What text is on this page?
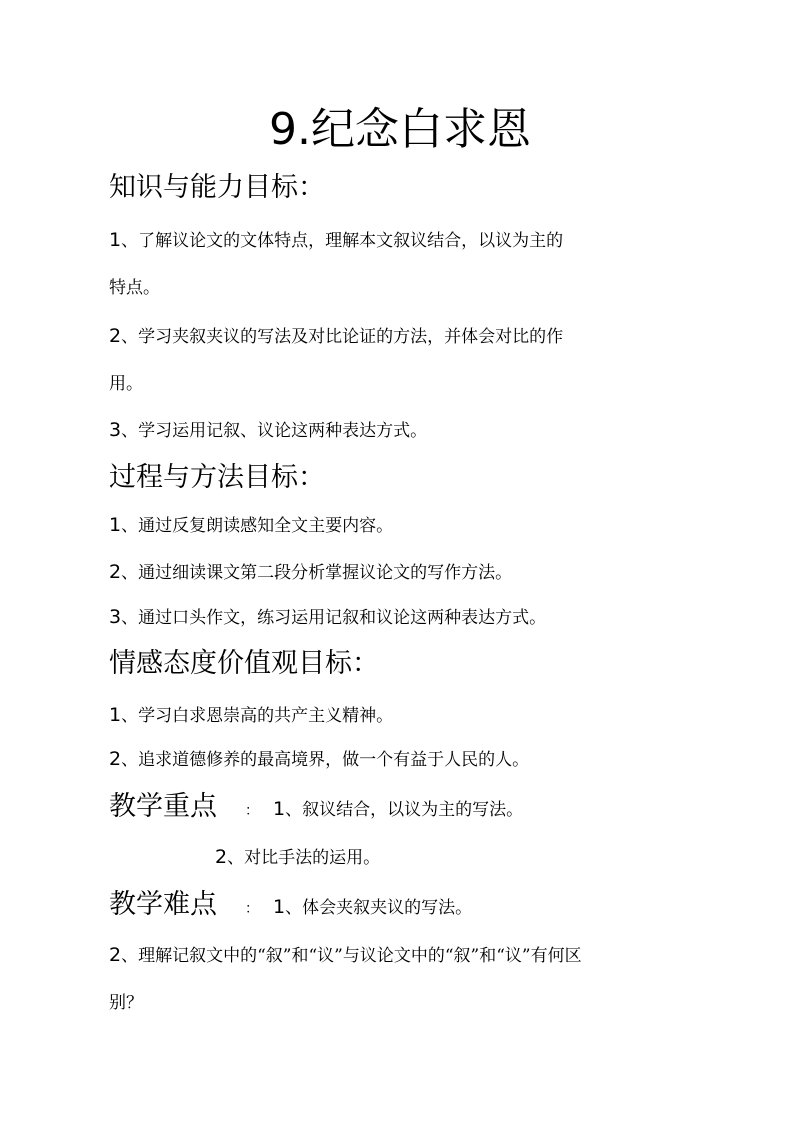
9.纪念白求恩
知识与能力目标：
1、了解议论文的文体特点，理解本文叙议结合，以议为主的
特点。
2、学习夹叙夹议的写法及对比论证的方法，并体会对比的作
用。
3、学习运用记叙、议论这两种表达方式。
过程与方法目标：
1、通过反复朗读感知全文主要内容。
2、通过细读课文第二段分析掌握议论文的写作方法。
3、通过口头作文，练习运用记叙和议论这两种表达方式。
情感态度价值观目标：
1、学习白求恩崇高的共产主义精神。
2、追求道德修养的最高境界，做一个有益于人民的人。
教学重点 ： 1、叙议结合，以议为主的写法。
2、对比手法的运用。
教学难点 ： 1、体会夹叙夹议的写法。
2、理解记叙文中的“叙”和“议”与议论文中的“叙”和“议”有何区
别？
